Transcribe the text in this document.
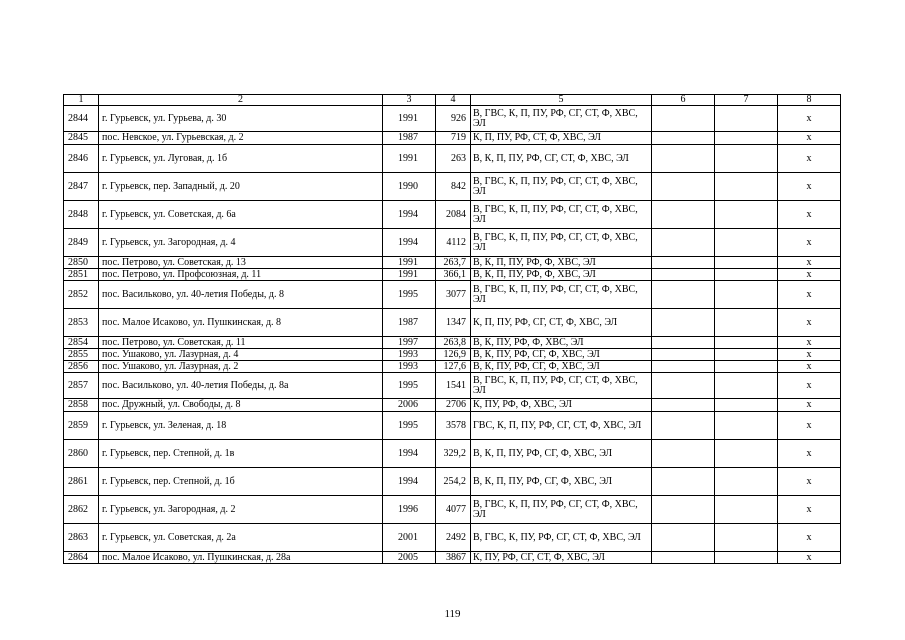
1	2	3	4	5	6	7	8
2844	г. Гурьевск, ул. Гурьева, д. 30	1991	926	В, ГВС, К, П, ПУ, РФ, СГ, СТ, Ф, ХВС, ЭЛ			x
2845	пос. Невское, ул. Гурьевская, д. 2	1987	719	К, П, ПУ, РФ, СТ, Ф, ХВС, ЭЛ			x
2846	г. Гурьевск, ул. Луговая, д. 1б	1991	263	В, К, П, ПУ, РФ, СГ, СТ, Ф, ХВС, ЭЛ			x
2847	г. Гурьевск, пер. Западный, д. 20	1990	842	В, ГВС, К, П, ПУ, РФ, СГ, СТ, Ф, ХВС, ЭЛ			x
2848	г. Гурьевск, ул. Советская, д. 6а	1994	2084	В, ГВС, К, П, ПУ, РФ, СГ, СТ, Ф, ХВС, ЭЛ			x
2849	г. Гурьевск, ул. Загородная, д. 4	1994	4112	В, ГВС, К, П, ПУ, РФ, СГ, СТ, Ф, ХВС, ЭЛ			x
2850	пос. Петрово, ул. Советская, д. 13	1991	263,7	В, К, П, ПУ, РФ, Ф, ХВС, ЭЛ			x
2851	пос. Петрово, ул. Профсоюзная, д. 11	1991	366,1	В, К, П, ПУ, РФ, Ф, ХВС, ЭЛ			x
2852	пос. Васильково, ул. 40-летия Победы, д. 8	1995	3077	В, ГВС, К, П, ПУ, РФ, СГ, СТ, Ф, ХВС, ЭЛ			x
2853	пос. Малое Исаково, ул. Пушкинская, д. 8	1987	1347	К, П, ПУ, РФ, СГ, СТ, Ф, ХВС, ЭЛ			x
2854	пос. Петрово, ул. Советская, д. 11	1997	263,8	В, К, ПУ, РФ, Ф, ХВС, ЭЛ			x
2855	пос. Ушаково, ул. Лазурная, д. 4	1993	126,9	В, К, ПУ, РФ, СГ, Ф, ХВС, ЭЛ			x
2856	пос. Ушаково, ул. Лазурная, д. 2	1993	127,6	В, К, ПУ, РФ, СГ, Ф, ХВС, ЭЛ			x
2857	пос. Васильково, ул. 40-летия Победы, д. 8а	1995	1541	В, ГВС, К, П, ПУ, РФ, СГ, СТ, Ф, ХВС, ЭЛ			x
2858	пос. Дружный, ул. Свободы, д. 8	2006	2706	К, ПУ, РФ, Ф, ХВС, ЭЛ			x
2859	г. Гурьевск, ул. Зеленая, д. 18	1995	3578	ГВС, К, П, ПУ, РФ, СГ, СТ, Ф, ХВС, ЭЛ			x
2860	г. Гурьевск, пер. Степной, д. 1в	1994	329,2	В, К, П, ПУ, РФ, СГ, Ф, ХВС, ЭЛ			x
2861	г. Гурьевск, пер. Степной, д. 1б	1994	254,2	В, К, П, ПУ, РФ, СГ, Ф, ХВС, ЭЛ			x
2862	г. Гурьевск, ул. Загородная, д. 2	1996	4077	В, ГВС, К, П, ПУ, РФ, СГ, СТ, Ф, ХВС, ЭЛ			x
2863	г. Гурьевск, ул. Советская, д. 2а	2001	2492	В, ГВС, К, ПУ, РФ, СГ, СТ, Ф, ХВС, ЭЛ			x
2864	пос. Малое Исаково, ул. Пушкинская, д. 28а	2005	3867	К, ПУ, РФ, СГ, СТ, Ф, ХВС, ЭЛ			x
119
